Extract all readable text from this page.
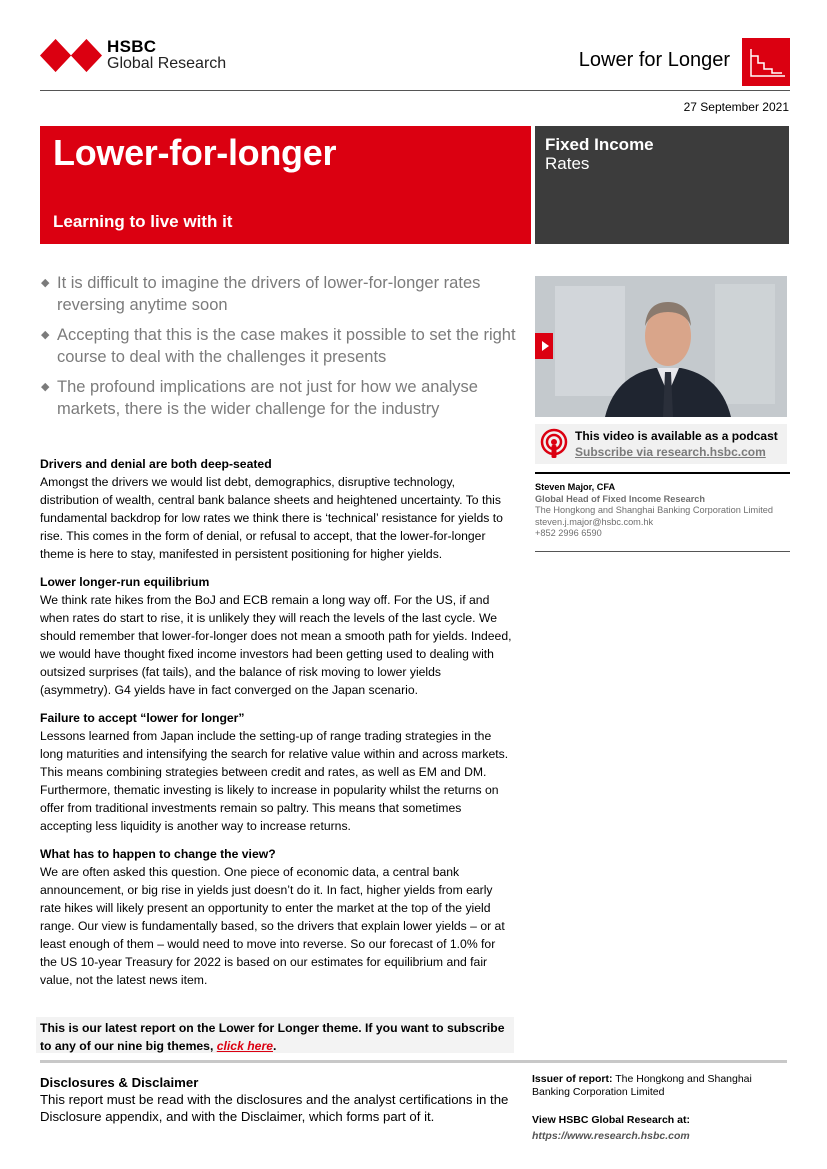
HSBC
Global Research	Lower for Longer
27 September 2021
Lower-for-longer
Learning to live with it
Fixed Income
Rates
◆ It is difficult to imagine the drivers of lower-for-longer rates reversing anytime soon
◆ Accepting that this is the case makes it possible to set the right course to deal with the challenges it presents
◆ The profound implications are not just for how we analyse markets, there is the wider challenge for the industry
Drivers and denial are both deep-seated

Amongst the drivers we would list debt, demographics, disruptive technology, distribution of wealth, central bank balance sheets and heightened uncertainty. To this fundamental backdrop for low rates we think there is ‘technical’ resistance for yields to rise. This comes in the form of denial, or refusal to accept, that the lower-for-longer theme is here to stay, manifested in persistent positioning for higher yields.

Lower longer-run equilibrium

We think rate hikes from the BoJ and ECB remain a long way off. For the US, if and when rates do start to rise, it is unlikely they will reach the levels of the last cycle. We should remember that lower-for-longer does not mean a smooth path for yields. Indeed, we would have thought fixed income investors had been getting used to dealing with outsized surprises (fat tails), and the balance of risk moving to lower yields (asymmetry). G4 yields have in fact converged on the Japan scenario.

Failure to accept “lower for longer”

Lessons learned from Japan include the setting-up of range trading strategies in the long maturities and intensifying the search for relative value within and across markets. This means combining strategies between credit and rates, as well as EM and DM. Furthermore, thematic investing is likely to increase in popularity whilst the returns on offer from traditional investments remain so paltry. This means that sometimes accepting less liquidity is another way to increase returns.

What has to happen to change the view?

We are often asked this question. One piece of economic data, a central bank announcement, or big rise in yields just doesn’t do it. In fact, higher yields from early rate hikes will likely present an opportunity to enter the market at the top of the yield range. Our view is fundamentally based, so the drivers that explain lower yields – or at least enough of them – would need to move into reverse. So our forecast of 1.0% for the US 10-year Treasury for 2022 is based on our estimates for equilibrium and fair value, not the latest news item.

This is our latest report on the Lower for Longer theme. If you want to subscribe to any of our nine big themes, click here.
This video is available as a podcast
Subscribe via research.hsbc.com
Steven Major, CFA
Global Head of Fixed Income Research
The Hongkong and Shanghai Banking Corporation Limited
steven.j.major@hsbc.com.hk
+852 2996 6590
Disclosures & Disclaimer
This report must be read with the disclosures and the analyst certifications in the Disclosure appendix, and with the Disclaimer, which forms part of it.
Issuer of report: The Hongkong and Shanghai Banking Corporation Limited
View HSBC Global Research at:
https://www.research.hsbc.com
